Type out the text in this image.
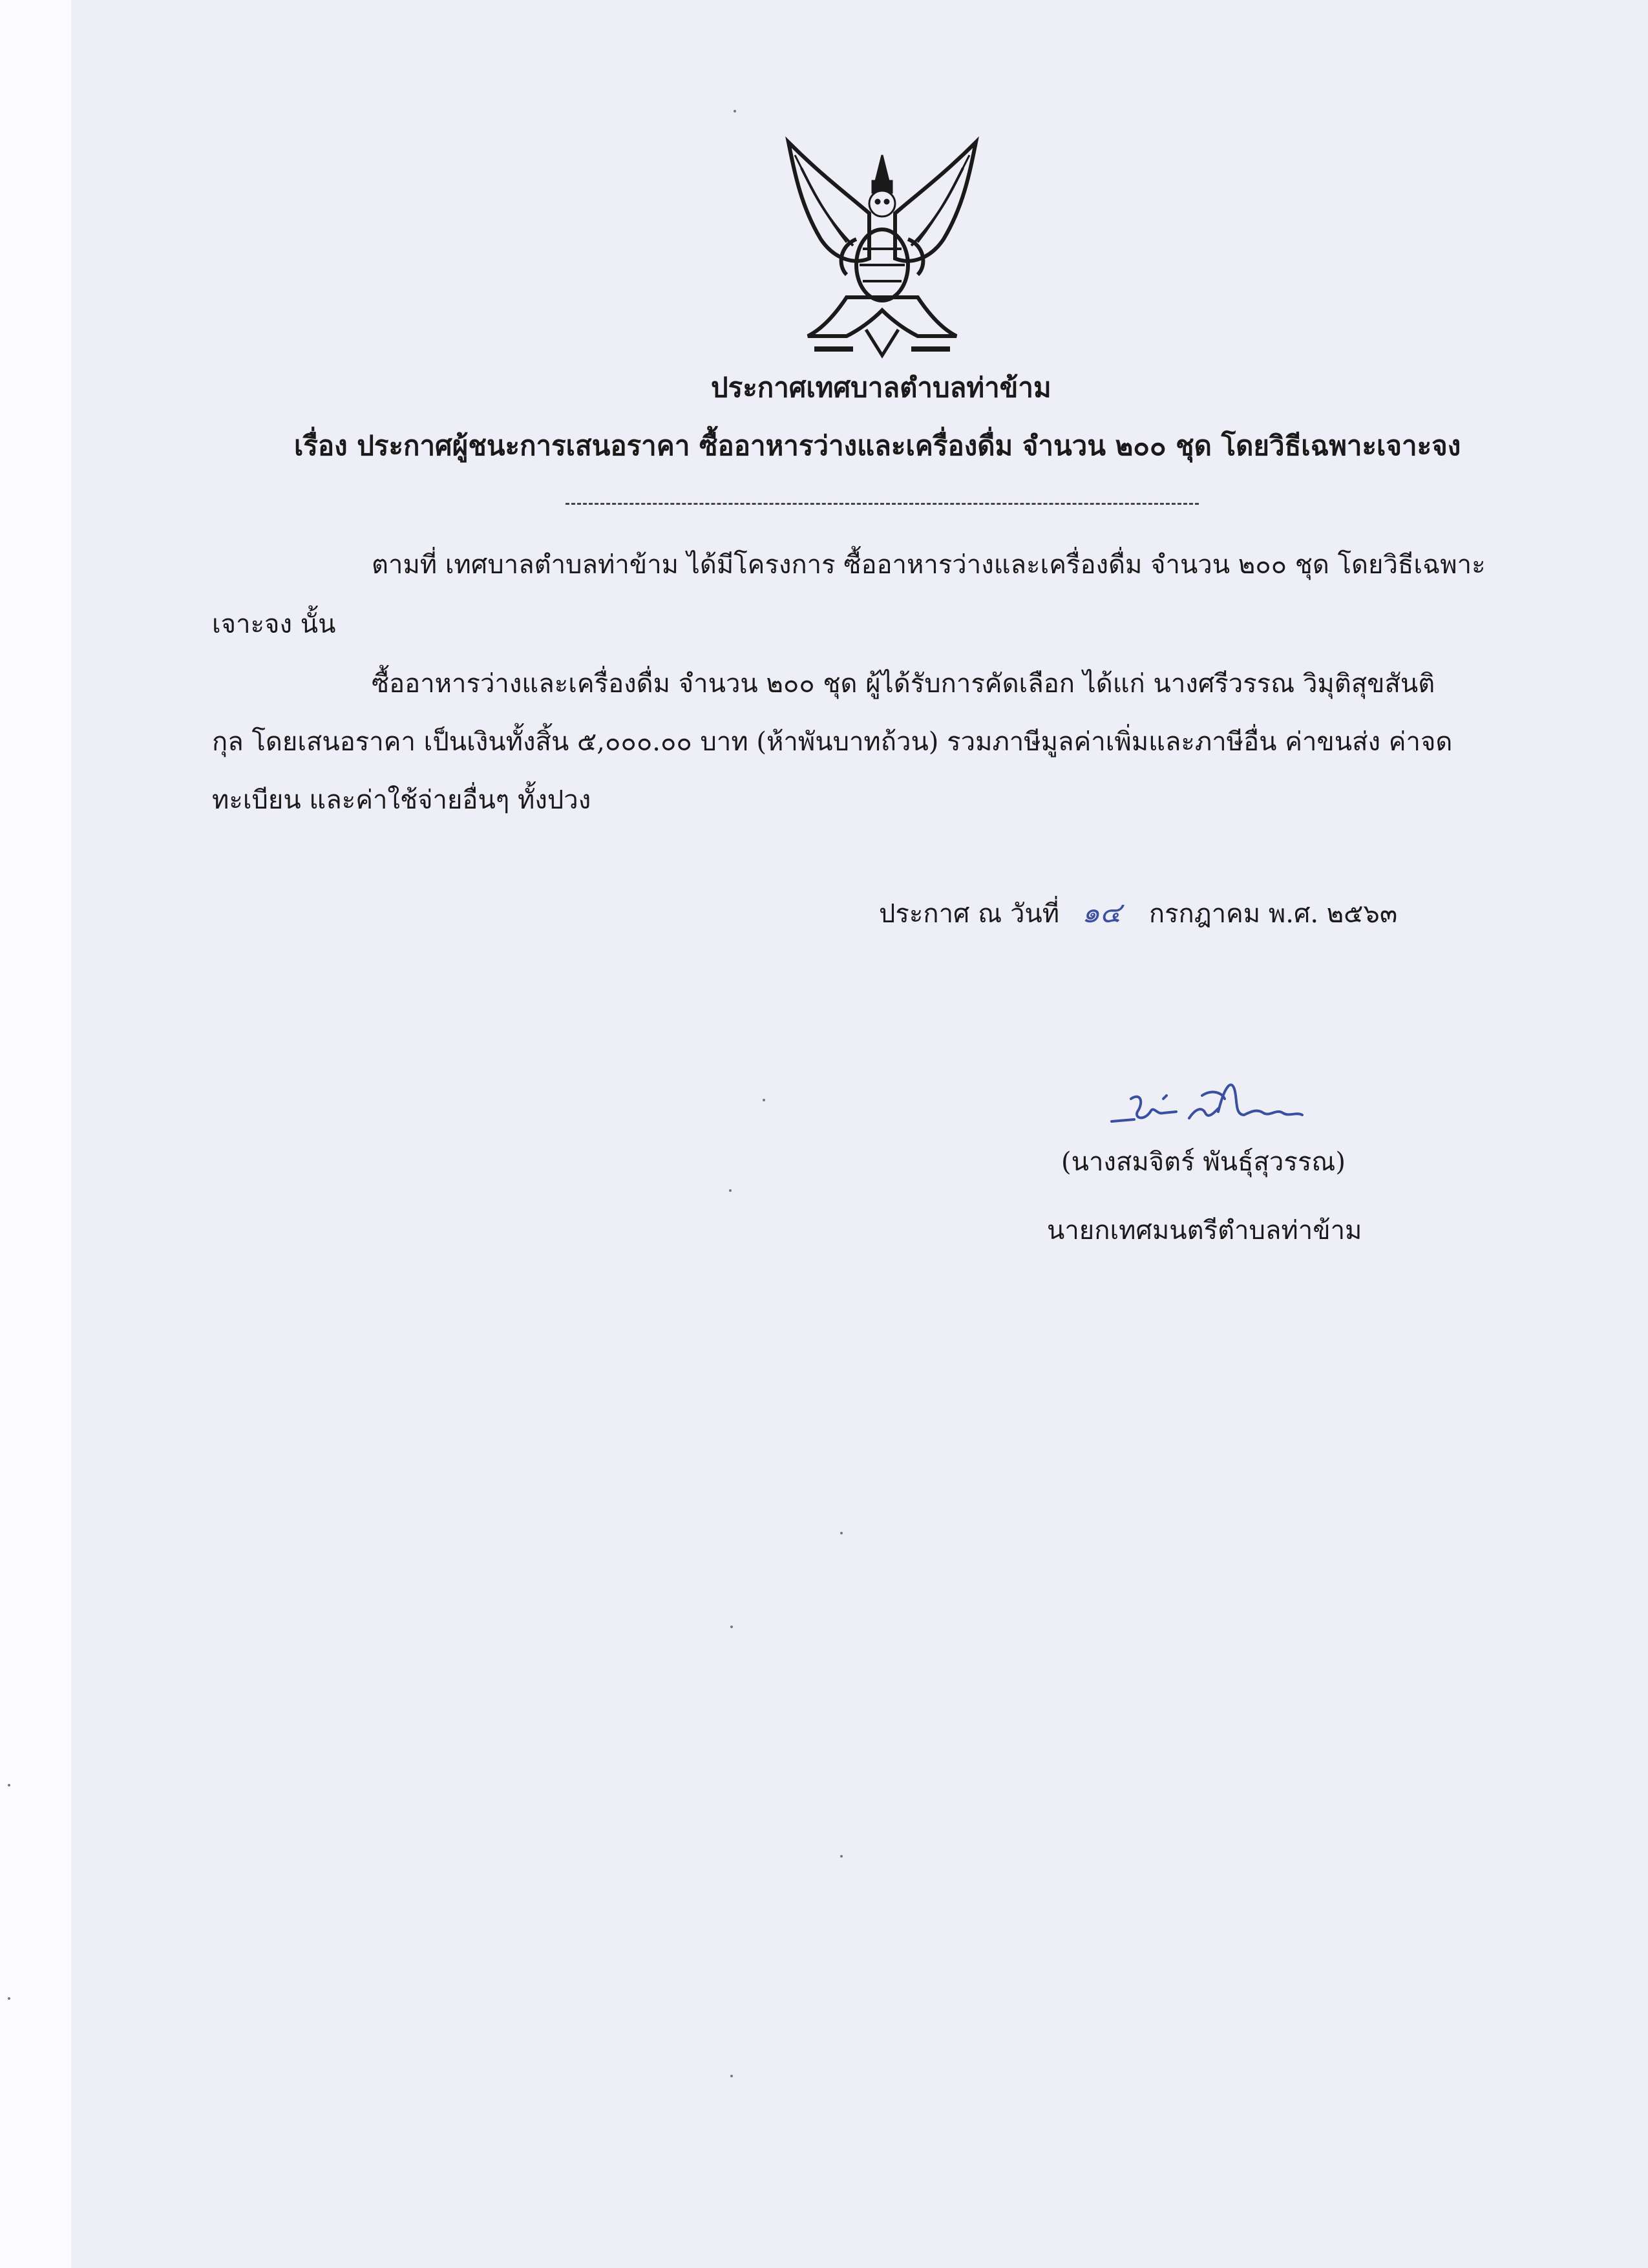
ประกาศเทศบาลตำบลท่าข้าม
เรื่อง ประกาศผู้ชนะการเสนอราคา ซื้ออาหารว่างและเครื่องดื่ม จำนวน ๒๐๐ ชุด โดยวิธีเฉพาะเจาะจง
ตามที่ เทศบาลตำบลท่าข้าม ได้มีโครงการ ซื้ออาหารว่างและเครื่องดื่ม จำนวน ๒๐๐ ชุด โดยวิธีเฉพาะ
เจาะจง นั้น
ซื้ออาหารว่างและเครื่องดื่ม จำนวน ๒๐๐ ชุด ผู้ได้รับการคัดเลือก ได้แก่ นางศรีวรรณ วิมุติสุขสันติ
กุล โดยเสนอราคา เป็นเงินทั้งสิ้น ๕,๐๐๐.๐๐ บาท (ห้าพันบาทถ้วน) รวมภาษีมูลค่าเพิ่มและภาษีอื่น ค่าขนส่ง ค่าจด
ทะเบียน และค่าใช้จ่ายอื่นๆ ทั้งปวง
ประกาศ ณ วันที่ ๑๔ กรกฎาคม พ.ศ. ๒๕๖๓
(นางสมจิตร์ พันธุ์สุวรรณ)
นายกเทศมนตรีตำบลท่าข้าม
